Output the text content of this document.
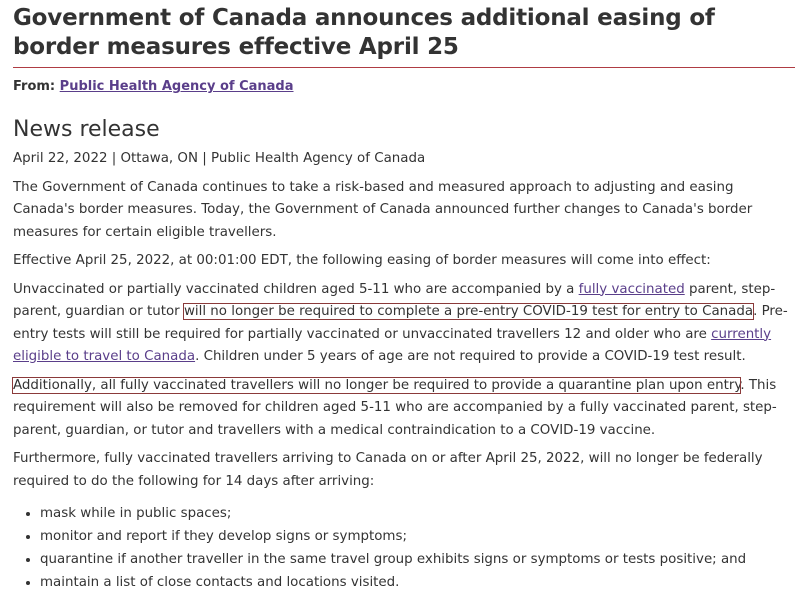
Government of Canada announces additional easing of border measures effective April 25
From: Public Health Agency of Canada
News release

April 22, 2022 | Ottawa, ON | Public Health Agency of Canada

The Government of Canada continues to take a risk-based and measured approach to adjusting and easing Canada's border measures. Today, the Government of Canada announced further changes to Canada's border measures for certain eligible travellers.

Effective April 25, 2022, at 00:01:00 EDT, the following easing of border measures will come into effect:

Unvaccinated or partially vaccinated children aged 5-11 who are accompanied by a fully vaccinated parent, step-parent, guardian or tutor will no longer be required to complete a pre-entry COVID-19 test for entry to Canada. Pre-entry tests will still be required for partially vaccinated or unvaccinated travellers 12 and older who are currently eligible to travel to Canada. Children under 5 years of age are not required to provide a COVID-19 test result.

Additionally, all fully vaccinated travellers will no longer be required to provide a quarantine plan upon entry. This requirement will also be removed for children aged 5-11 who are accompanied by a fully vaccinated parent, step-parent, guardian, or tutor and travellers with a medical contraindication to a COVID-19 vaccine.

Furthermore, fully vaccinated travellers arriving to Canada on or after April 25, 2022, will no longer be federally required to do the following for 14 days after arriving:

• mask while in public spaces;
• monitor and report if they develop signs or symptoms;
• quarantine if another traveller in the same travel group exhibits signs or symptoms or tests positive; and
• maintain a list of close contacts and locations visited.
